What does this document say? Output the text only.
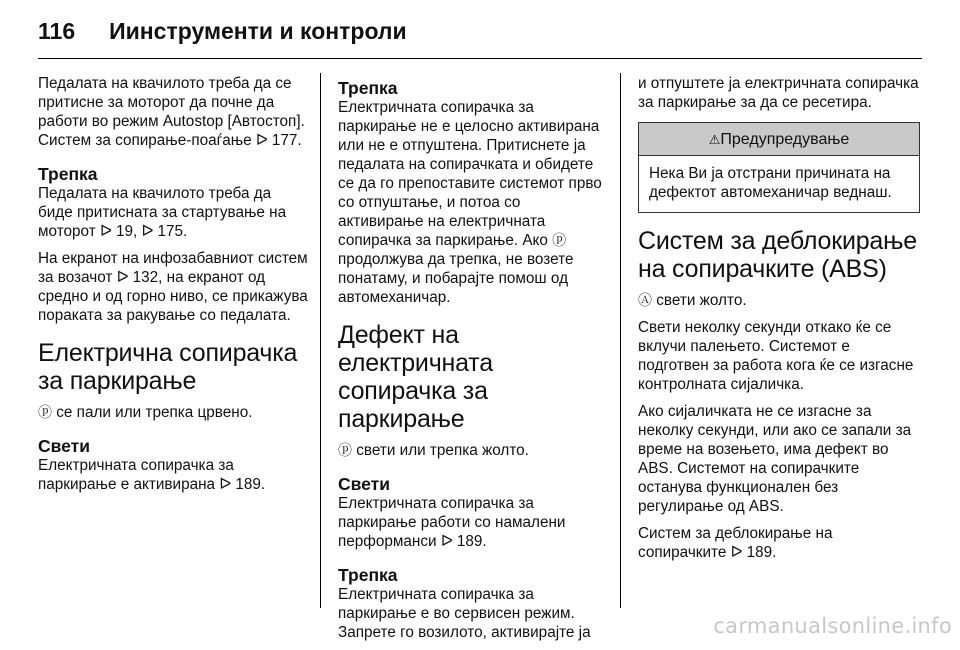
116 Иинструменти и контроли

Педалата на квачилото треба да се притисне за моторот да почне да работи во режим Autostop [Автостоп]. Систем за сопирање-поаѓање ᐅ 177.

Трепка

Педалата на квачилото треба да биде притисната за стартување на моторот ᐅ 19, ᐅ 175.

На екранот на инфозабавниот систем за возачот ᐅ 132, на екранот од средно и од горно ниво, се прикажува пораката за ракување со педалата.

Електрична сопирачка за паркирање

ⓟ се пали или трепка црвено.

Свети

Електричната сопирачка за паркирање е активирана ᐅ 189.

Трепка

Електричната сопирачка за паркирање не е целосно активирана или не е отпуштена. Притиснете ја педалата на сопирачката и обидете се да го препоставите системот прво со отпуштање, и потоа со активирање на електричната сопирачка за паркирање. Ако ⓟ продолжува да трепка, не возете понатаму, и побарајте помош од автомеханичар.

Дефект на електричната сопирачка за паркирање

ⓟ свети или трепка жолто.

Свети

Електричната сопирачка за паркирање работи со намалени перформанси ᐅ 189.

Трепка

Електричната сопирачка за паркирање е во сервисен режим. Запрете го возилото, активирајте ја

и отпуштете ја електричната сопирачка за паркирање за да се ресетира.

⚠Предупредување
Нека Ви ја отстрани причината на дефектот автомеханичар веднаш.
Систем за деблокирање на сопирачките (ABS)

Ⓐ свети жолто.

Свети неколку секунди откако ќе се вклучи палењето. Системот е подготвен за работа кога ќе се изгасне контролната сијаличка.

Ако сијаличката не се изгасне за неколку секунди, или ако се запали за време на возењето, има дефект во ABS. Системот на сопирачките останува функционален без регулирање од ABS.

Систем за деблокирање на сопирачките ᐅ 189.

carmanualsonline.info
